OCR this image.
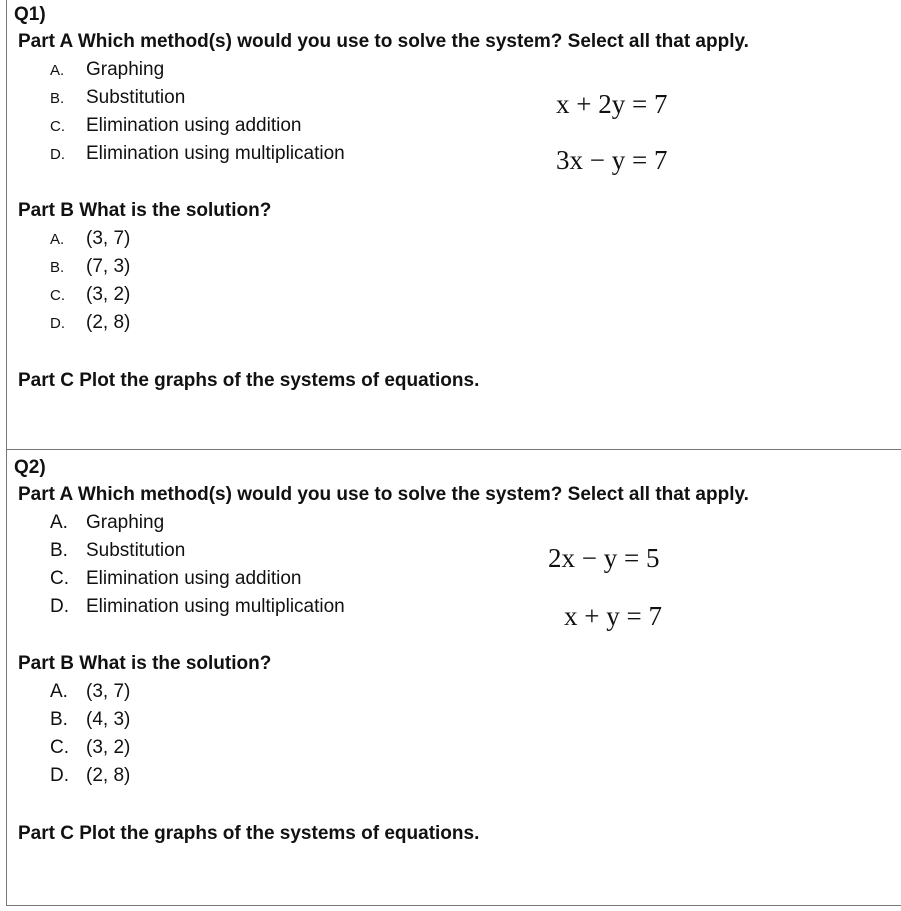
Q1)
Part A Which method(s) would you use to solve the system? Select all that apply.
A. Graphing
B. Substitution
C. Elimination using addition
D. Elimination using multiplication
x + 2y = 7
3x − y = 7
Part B What is the solution?
A. (3, 7)
B. (7, 3)
C. (3, 2)
D. (2, 8)
Part C Plot the graphs of the systems of equations.
Q2)
Part A Which method(s) would you use to solve the system? Select all that apply.
A. Graphing
B. Substitution
C. Elimination using addition
D. Elimination using multiplication
2x − y = 5
x + y = 7
Part B What is the solution?
A. (3, 7)
B. (4, 3)
C. (3, 2)
D. (2, 8)
Part C Plot the graphs of the systems of equations.
